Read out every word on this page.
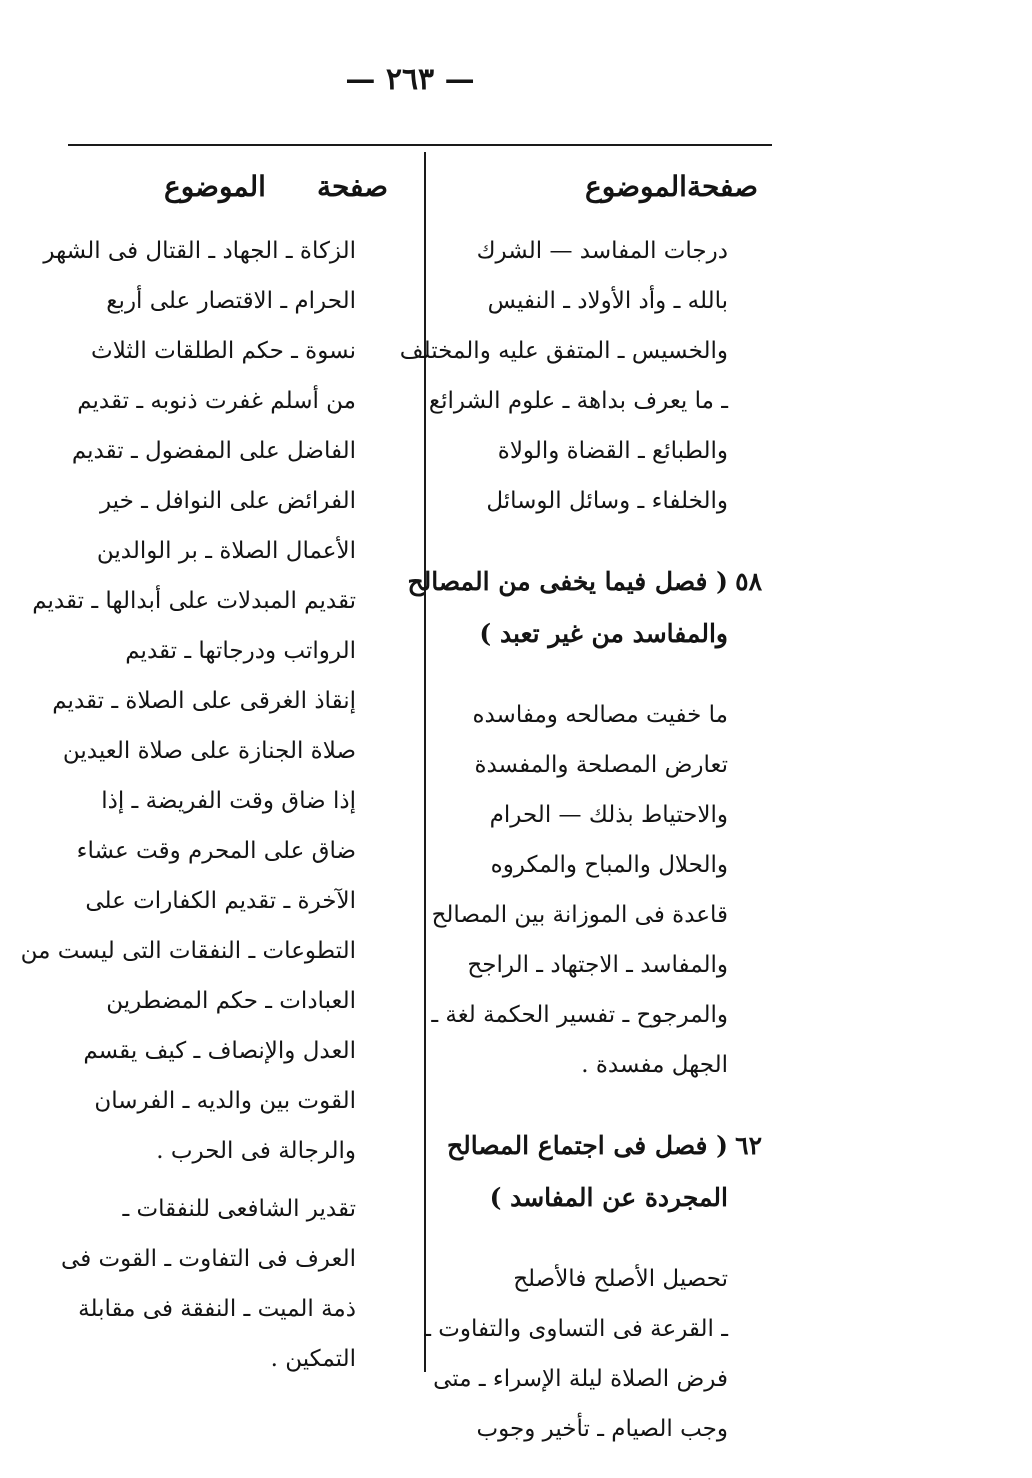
— ٢٦٣ —
صفحة
الموضوع
درجات المفاسد — الشرك
بالله ـ وأد الأولاد ـ النفيس
والخسيس ـ المتفق عليه والمختلف
ـ ما يعرف بداهة ـ علوم الشرائع
والطبائع ـ القضاة والولاة
والخلفاء ـ وسائل الوسائل
٥٨
( فصل فيما يخفى من المصالح
والمفاسد من غير تعبد )
ما خفيت مصالحه ومفاسده
تعارض المصلحة والمفسدة
والاحتياط بذلك — الحرام
والحلال والمباح والمكروه
قاعدة فى الموزانة بين المصالح
والمفاسد ـ الاجتهاد ـ الراجح
والمرجوح ـ تفسير الحكمة لغة ـ
الجهل مفسدة .
٦٢
( فصل فى اجتماع المصالح
المجردة عن المفاسد )
تحصيل الأصلح فالأصلح
ـ القرعة فى التساوى والتفاوت ـ
فرض الصلاة ليلة الإسراء ـ متى
وجب الصيام ـ تأخير وجوب
صفحة
الموضوع
الزكاة ـ الجهاد ـ القتال فى الشهر
الحرام ـ الاقتصار على أربع
نسوة ـ حكم الطلقات الثلاث
من أسلم غفرت ذنوبه ـ تقديم
الفاضل على المفضول ـ تقديم
الفرائض على النوافل ـ خير
الأعمال الصلاة ـ بر الوالدين
تقديم المبدلات على أبدالها ـ تقديم
الرواتب ودرجاتها ـ تقديم
إنقاذ الغرقى على الصلاة ـ تقديم
صلاة الجنازة على صلاة العيدين
إذا ضاق وقت الفريضة ـ إذا
ضاق على المحرم وقت عشاء
الآخرة ـ تقديم الكفارات على
التطوعات ـ النفقات التى ليست من
العبادات ـ حكم المضطرين
العدل والإنصاف ـ كيف يقسم
القوت بين والديه ـ الفرسان
والرجالة فى الحرب .
تقدير الشافعى للنفقات ـ
العرف فى التفاوت ـ القوت فى
ذمة الميت ـ النفقة فى مقابلة
التمكين .
